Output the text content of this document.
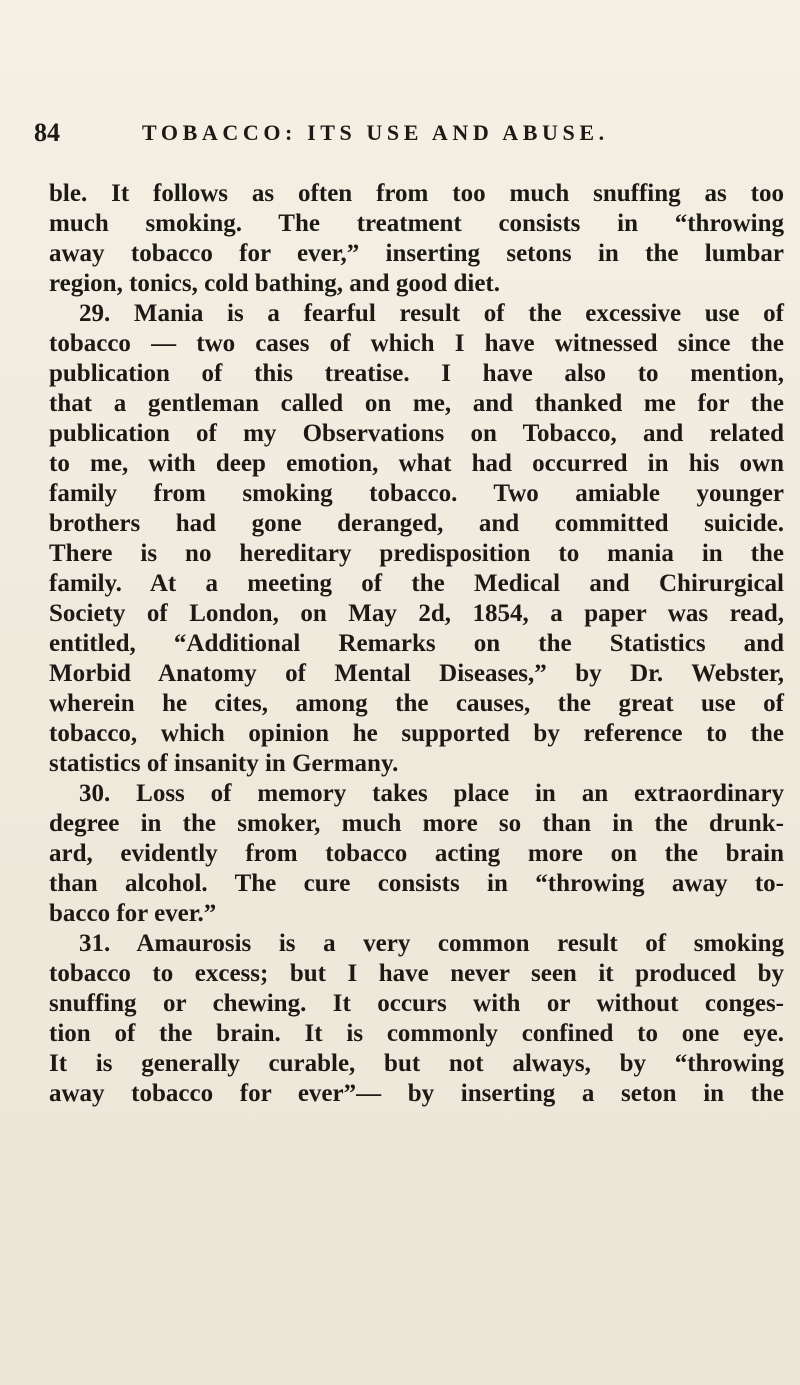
84	TOBACCO: ITS USE AND ABUSE.
ble. It follows as often from too much snuffing as too
much smoking. The treatment consists in “throwing
away tobacco for ever,” inserting setons in the lumbar
region, tonics, cold bathing, and good diet.
29. Mania is a fearful result of the excessive use of
tobacco — two cases of which I have witnessed since the
publication of this treatise. I have also to mention,
that a gentleman called on me, and thanked me for the
publication of my Observations on Tobacco, and related
to me, with deep emotion, what had occurred in his own
family from smoking tobacco. Two amiable younger
brothers had gone deranged, and committed suicide.
There is no hereditary predisposition to mania in the
family. At a meeting of the Medical and Chirurgical
Society of London, on May 2d, 1854, a paper was read,
entitled, “Additional Remarks on the Statistics and
Morbid Anatomy of Mental Diseases,” by Dr. Webster,
wherein he cites, among the causes, the great use of
tobacco, which opinion he supported by reference to the
statistics of insanity in Germany.
30. Loss of memory takes place in an extraordinary
degree in the smoker, much more so than in the drunk-
ard, evidently from tobacco acting more on the brain
than alcohol. The cure consists in “throwing away to-
bacco for ever.”
31. Amaurosis is a very common result of smoking
tobacco to excess; but I have never seen it produced by
snuffing or chewing. It occurs with or without conges-
tion of the brain. It is commonly confined to one eye.
It is generally curable, but not always, by “throwing
away tobacco for ever”— by inserting a seton in the
